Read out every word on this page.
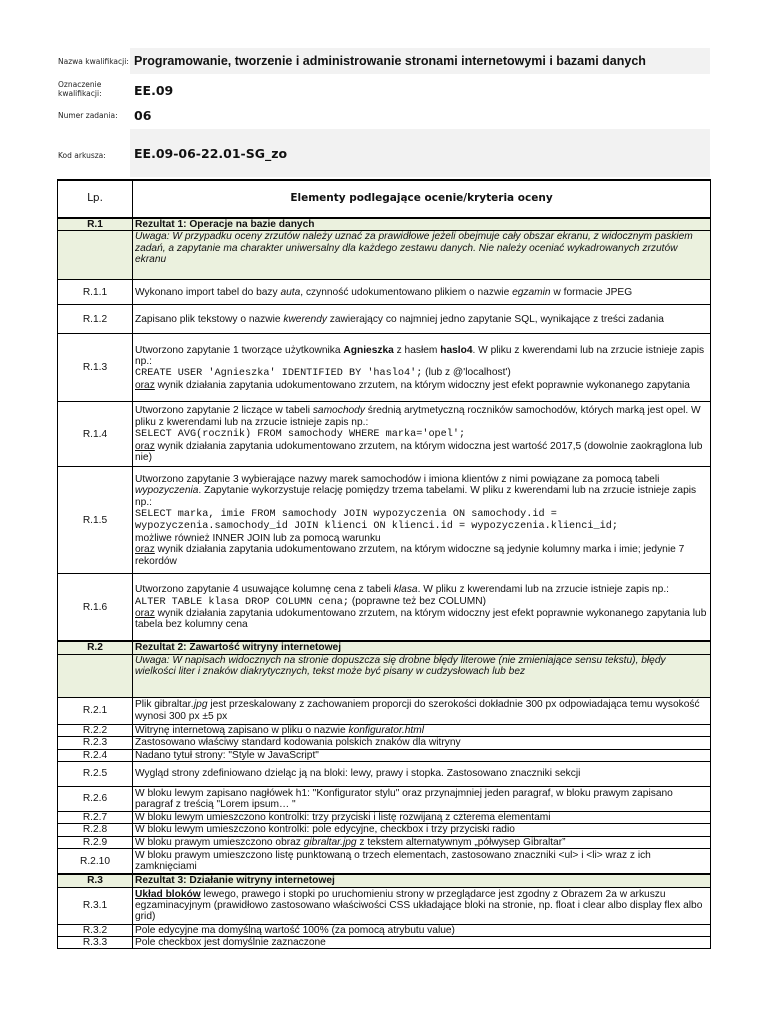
Nazwa kwalifikacji: Programowanie, tworzenie i administrowanie stronami internetowymi i bazami danych
Oznaczenie kwalifikacji:	EE.09
Numer zadania:	06
Kod arkusza:	EE.09-06-22.01-SG_zo
Lp.	Elementy podlegające ocenie/kryteria oceny
R.1	Rezultat 1: Operacje na bazie danych
	Uwaga: W przypadku oceny zrzutów należy uznać za prawidłowe jeżeli obejmuje cały obszar ekranu, z widocznym paskiem zadań, a zapytanie ma charakter uniwersalny dla każdego zestawu danych. Nie należy oceniać wykadrowanych zrzutów ekranu
R.1.1	Wykonano import tabel do bazy auta, czynność udokumentowano plikiem o nazwie egzamin w formacie JPEG
R.1.2	Zapisano plik tekstowy o nazwie kwerendy zawierający co najmniej jedno zapytanie SQL, wynikające z treści zadania
R.1.3	Utworzono zapytanie 1 tworzące użytkownika Agnieszka z hasłem haslo4. W pliku z kwerendami lub na zrzucie istnieje zapis np.:
CREATE USER 'Agnieszka' IDENTIFIED BY 'haslo4'; (lub z @'localhost')
oraz wynik działania zapytania udokumentowano zrzutem, na którym widoczny jest efekt poprawnie wykonanego zapytania
R.1.4	Utworzono zapytanie 2 liczące w tabeli samochody średnią arytmetyczną roczników samochodów, których marką jest opel. W pliku z kwerendami lub na zrzucie istnieje zapis np.:
SELECT AVG(rocznik) FROM samochody WHERE marka='opel';
oraz wynik działania zapytania udokumentowano zrzutem, na którym widoczna jest wartość 2017,5 (dowolnie zaokrąglona lub nie)
R.1.5	Utworzono zapytanie 3 wybierające nazwy marek samochodów i imiona klientów z nimi powiązane za pomocą tabeli wypozyczenia. Zapytanie wykorzystuje relację pomiędzy trzema tabelami. W pliku z kwerendami lub na zrzucie istnieje zapis np.:
SELECT marka, imie FROM samochody JOIN wypozyczenia ON samochody.id =
wypozyczenia.samochody_id JOIN klienci ON klienci.id = wypozyczenia.klienci_id;
możliwe również INNER JOIN lub za pomocą warunku
oraz wynik działania zapytania udokumentowano zrzutem, na którym widoczne są jedynie kolumny marka i imie; jedynie 7 rekordów
R.1.6	Utworzono zapytanie 4 usuwające kolumnę cena z tabeli klasa. W pliku z kwerendami lub na zrzucie istnieje zapis np.:
ALTER TABLE klasa DROP COLUMN cena; (poprawne też bez COLUMN)
oraz wynik działania zapytania udokumentowano zrzutem, na którym widoczny jest efekt poprawnie wykonanego zapytania lub tabela bez kolumny cena
R.2	Rezultat 2: Zawartość witryny internetowej
	Uwaga: W napisach widocznych na stronie dopuszcza się drobne błędy literowe (nie zmieniające sensu tekstu), błędy wielkości liter i znaków diakrytycznych, tekst może być pisany w cudzysłowach lub bez
R.2.1	Plik gibraltar.jpg jest przeskalowany z zachowaniem proporcji do szerokości dokładnie 300 px odpowiadająca temu wysokość wynosi 300 px ±5 px
R.2.2	Witrynę internetową zapisano w pliku o nazwie konfigurator.html
R.2.3	Zastosowano właściwy standard kodowania polskich znaków dla witryny
R.2.4	Nadano tytuł strony: "Style w JavaScript"
R.2.5	Wygląd strony zdefiniowano dzieląc ją na bloki: lewy, prawy i stopka. Zastosowano znaczniki sekcji
R.2.6	W bloku lewym zapisano nagłówek h1: "Konfigurator stylu" oraz przynajmniej jeden paragraf, w bloku prawym zapisano paragraf z treścią "Lorem ipsum… "
R.2.7	W bloku lewym umieszczono kontrolki: trzy przyciski i listę rozwijaną z czterema elementami
R.2.8	W bloku lewym umieszczono kontrolki: pole edycyjne, checkbox i trzy przyciski radio
R.2.9	W bloku prawym umieszczono obraz gibraltar.jpg z tekstem alternatywnym „półwysep Gibraltar”
R.2.10	W bloku prawym umieszczono listę punktowaną o trzech elementach, zastosowano znaczniki <ul> i <li> wraz z ich zamknięciami
R.3	Rezultat 3: Działanie witryny internetowej
R.3.1	Układ bloków lewego, prawego i stopki po uruchomieniu strony w przeglądarce jest zgodny z Obrazem 2a w arkuszu egzaminacyjnym (prawidłowo zastosowano właściwości CSS układające bloki na stronie, np. float i clear albo display flex albo grid)
R.3.2	Pole edycyjne ma domyślną wartość 100% (za pomocą atrybutu value)
R.3.3	Pole checkbox jest domyślnie zaznaczone
